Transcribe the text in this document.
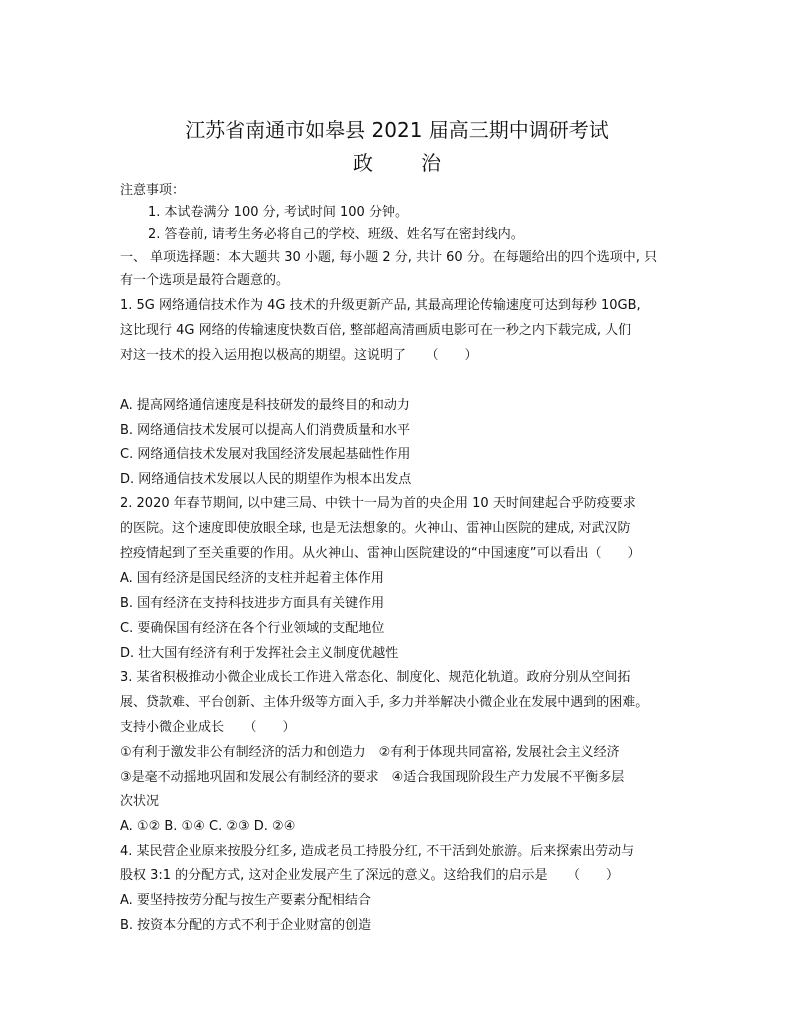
江苏省南通市如皋县 2021 届高三期中调研考试
政 治
注意事项：
1. 本试卷满分 100 分, 考试时间 100 分钟。
2. 答卷前, 请考生务必将自己的学校、班级、姓名写在密封线内。
一、 单项选择题：本大题共 30 小题, 每小题 2 分, 共计 60 分。在每题给出的四个选项中, 只
有一个选项是最符合题意的。
1. 5G 网络通信技术作为 4G 技术的升级更新产品, 其最高理论传输速度可达到每秒 10GB,
这比现行 4G 网络的传输速度快数百倍, 整部超高清画质电影可在一秒之内下载完成, 人们
对这一技术的投入运用抱以极高的期望。这说明了　　（　　）
A. 提高网络通信速度是科技研发的最终目的和动力
B. 网络通信技术发展可以提高人们消费质量和水平
C. 网络通信技术发展对我国经济发展起基础性作用
D. 网络通信技术发展以人民的期望作为根本出发点
2. 2020 年春节期间, 以中建三局、中铁十一局为首的央企用 10 天时间建起合乎防疫要求
的医院。这个速度即使放眼全球, 也是无法想象的。火神山、雷神山医院的建成, 对武汉防
控疫情起到了至关重要的作用。从火神山、雷神山医院建设的“中国速度”可以看出（　　）
A. 国有经济是国民经济的支柱并起着主体作用
B. 国有经济在支持科技进步方面具有关键作用
C. 要确保国有经济在各个行业领域的支配地位
D. 壮大国有经济有利于发挥社会主义制度优越性
3. 某省积极推动小微企业成长工作进入常态化、制度化、规范化轨道。政府分别从空间拓
展、贷款难、平台创新、主体升级等方面入手, 多力并举解决小微企业在发展中遇到的困难。
支持小微企业成长　　（　　）
①有利于激发非公有制经济的活力和创造力　②有利于体现共同富裕, 发展社会主义经济
③是毫不动摇地巩固和发展公有制经济的要求　④适合我国现阶段生产力发展不平衡多层
次状况
A. ①② B. ①④ C. ②③ D. ②④
4. 某民营企业原来按股分红多, 造成老员工持股分红, 不干活到处旅游。后来探索出劳动与
股权 3:1 的分配方式, 这对企业发展产生了深远的意义。这给我们的启示是　　（　　）
A. 要坚持按劳分配与按生产要素分配相结合
B. 按资本分配的方式不利于企业财富的创造
